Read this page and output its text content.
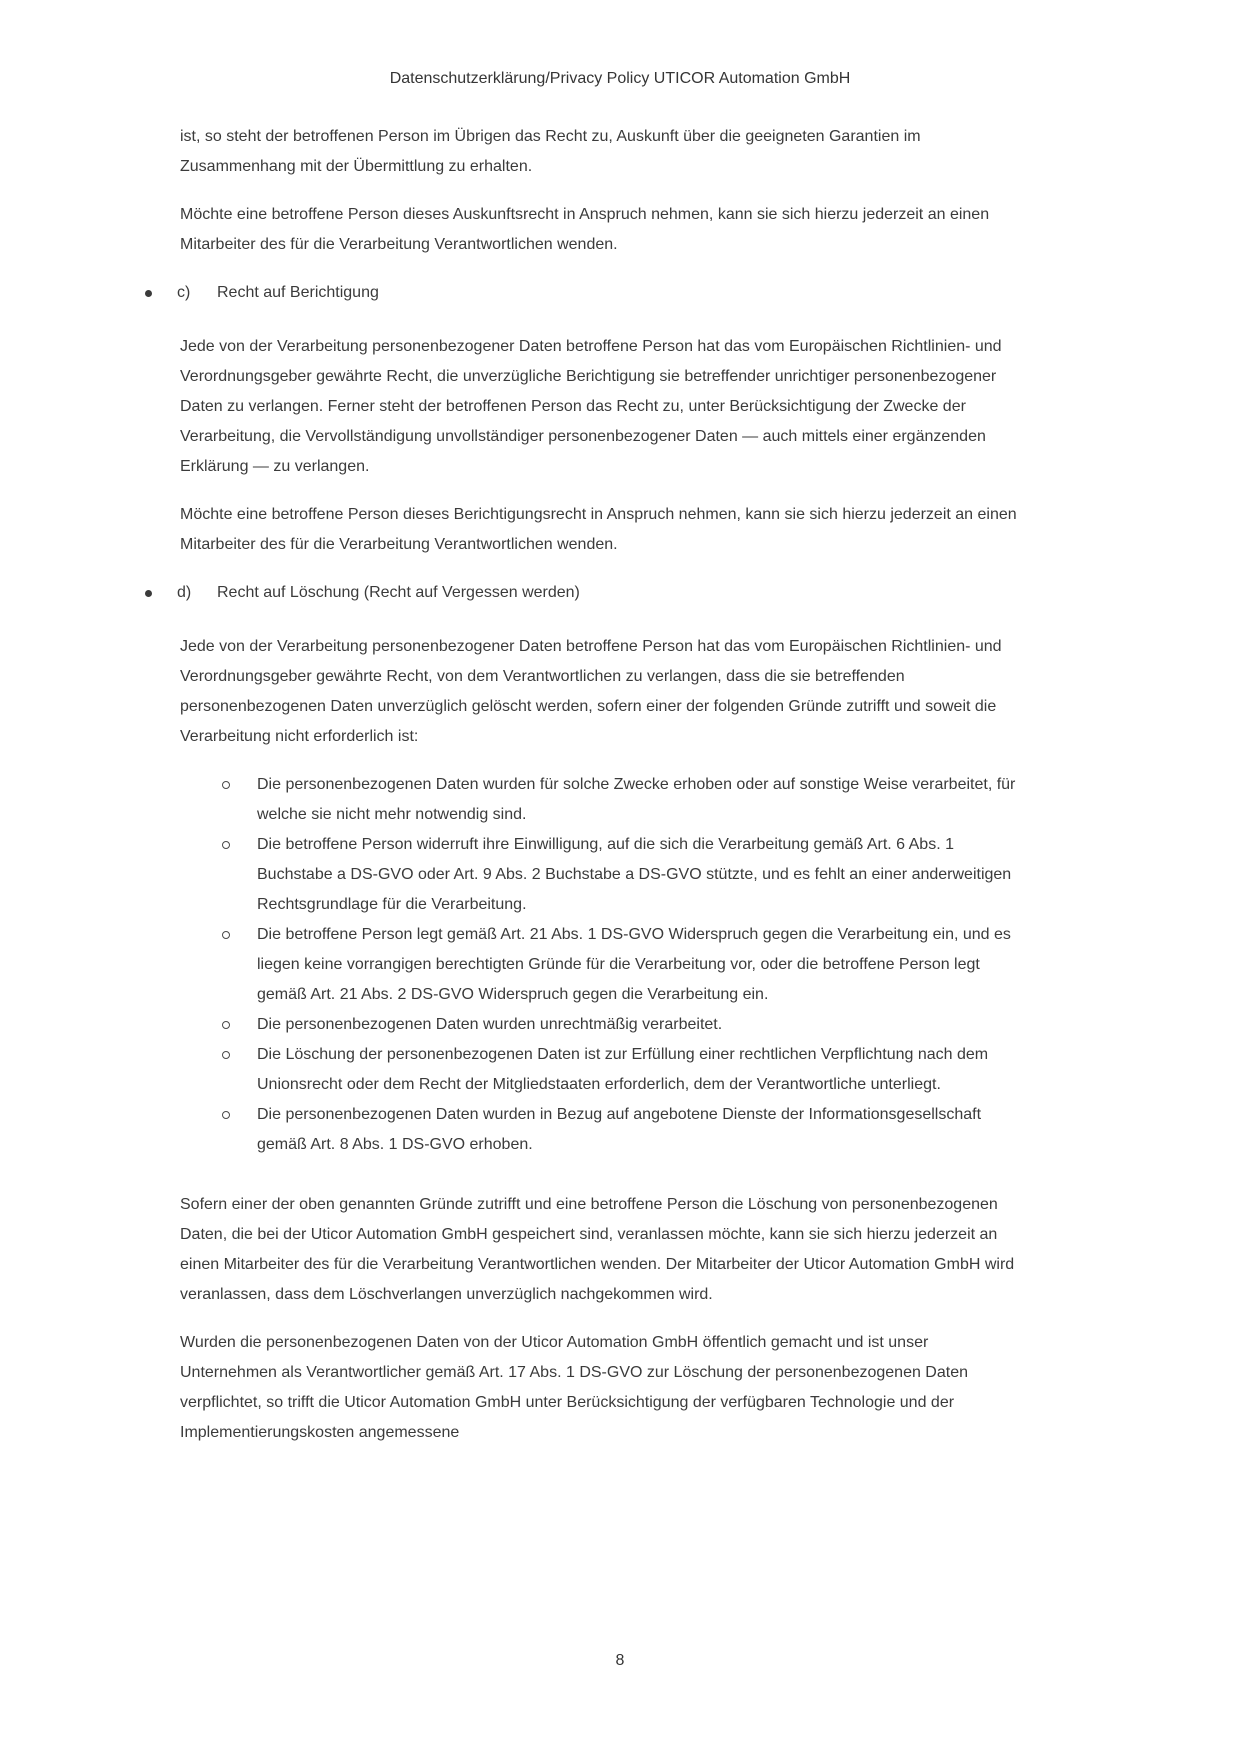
Datenschutzerklärung/Privacy Policy UTICOR Automation GmbH

ist, so steht der betroffenen Person im Übrigen das Recht zu, Auskunft über die geeigneten Garantien im Zusammenhang mit der Übermittlung zu erhalten.

Möchte eine betroffene Person dieses Auskunftsrecht in Anspruch nehmen, kann sie sich hierzu jederzeit an einen Mitarbeiter des für die Verarbeitung Verantwortlichen wenden.

c)	Recht auf Berichtigung

Jede von der Verarbeitung personenbezogener Daten betroffene Person hat das vom Europäischen Richtlinien- und Verordnungsgeber gewährte Recht, die unverzügliche Berichtigung sie betreffender unrichtiger personenbezogener Daten zu verlangen. Ferner steht der betroffenen Person das Recht zu, unter Berücksichtigung der Zwecke der Verarbeitung, die Vervollständigung unvollständiger personenbezogener Daten — auch mittels einer ergänzenden Erklärung — zu verlangen.

Möchte eine betroffene Person dieses Berichtigungsrecht in Anspruch nehmen, kann sie sich hierzu jederzeit an einen Mitarbeiter des für die Verarbeitung Verantwortlichen wenden.

d)	Recht auf Löschung (Recht auf Vergessen werden)

Jede von der Verarbeitung personenbezogener Daten betroffene Person hat das vom Europäischen Richtlinien- und Verordnungsgeber gewährte Recht, von dem Verantwortlichen zu verlangen, dass die sie betreffenden personenbezogenen Daten unverzüglich gelöscht werden, sofern einer der folgenden Gründe zutrifft und soweit die Verarbeitung nicht erforderlich ist:

Die personenbezogenen Daten wurden für solche Zwecke erhoben oder auf sonstige Weise verarbeitet, für welche sie nicht mehr notwendig sind.
Die betroffene Person widerruft ihre Einwilligung, auf die sich die Verarbeitung gemäß Art. 6 Abs. 1 Buchstabe a DS-GVO oder Art. 9 Abs. 2 Buchstabe a DS-GVO stützte, und es fehlt an einer anderweitigen Rechtsgrundlage für die Verarbeitung.
Die betroffene Person legt gemäß Art. 21 Abs. 1 DS-GVO Widerspruch gegen die Verarbeitung ein, und es liegen keine vorrangigen berechtigten Gründe für die Verarbeitung vor, oder die betroffene Person legt gemäß Art. 21 Abs. 2 DS-GVO Widerspruch gegen die Verarbeitung ein.
Die personenbezogenen Daten wurden unrechtmäßig verarbeitet.
Die Löschung der personenbezogenen Daten ist zur Erfüllung einer rechtlichen Verpflichtung nach dem Unionsrecht oder dem Recht der Mitgliedstaaten erforderlich, dem der Verantwortliche unterliegt.
Die personenbezogenen Daten wurden in Bezug auf angebotene Dienste der Informationsgesellschaft gemäß Art. 8 Abs. 1 DS-GVO erhoben.

Sofern einer der oben genannten Gründe zutrifft und eine betroffene Person die Löschung von personenbezogenen Daten, die bei der Uticor Automation GmbH gespeichert sind, veranlassen möchte, kann sie sich hierzu jederzeit an einen Mitarbeiter des für die Verarbeitung Verantwortlichen wenden. Der Mitarbeiter der Uticor Automation GmbH wird veranlassen, dass dem Löschverlangen unverzüglich nachgekommen wird.

Wurden die personenbezogenen Daten von der Uticor Automation GmbH öffentlich gemacht und ist unser Unternehmen als Verantwortlicher gemäß Art. 17 Abs. 1 DS-GVO zur Löschung der personenbezogenen Daten verpflichtet, so trifft die Uticor Automation GmbH unter Berücksichtigung der verfügbaren Technologie und der Implementierungskosten angemessene

8
